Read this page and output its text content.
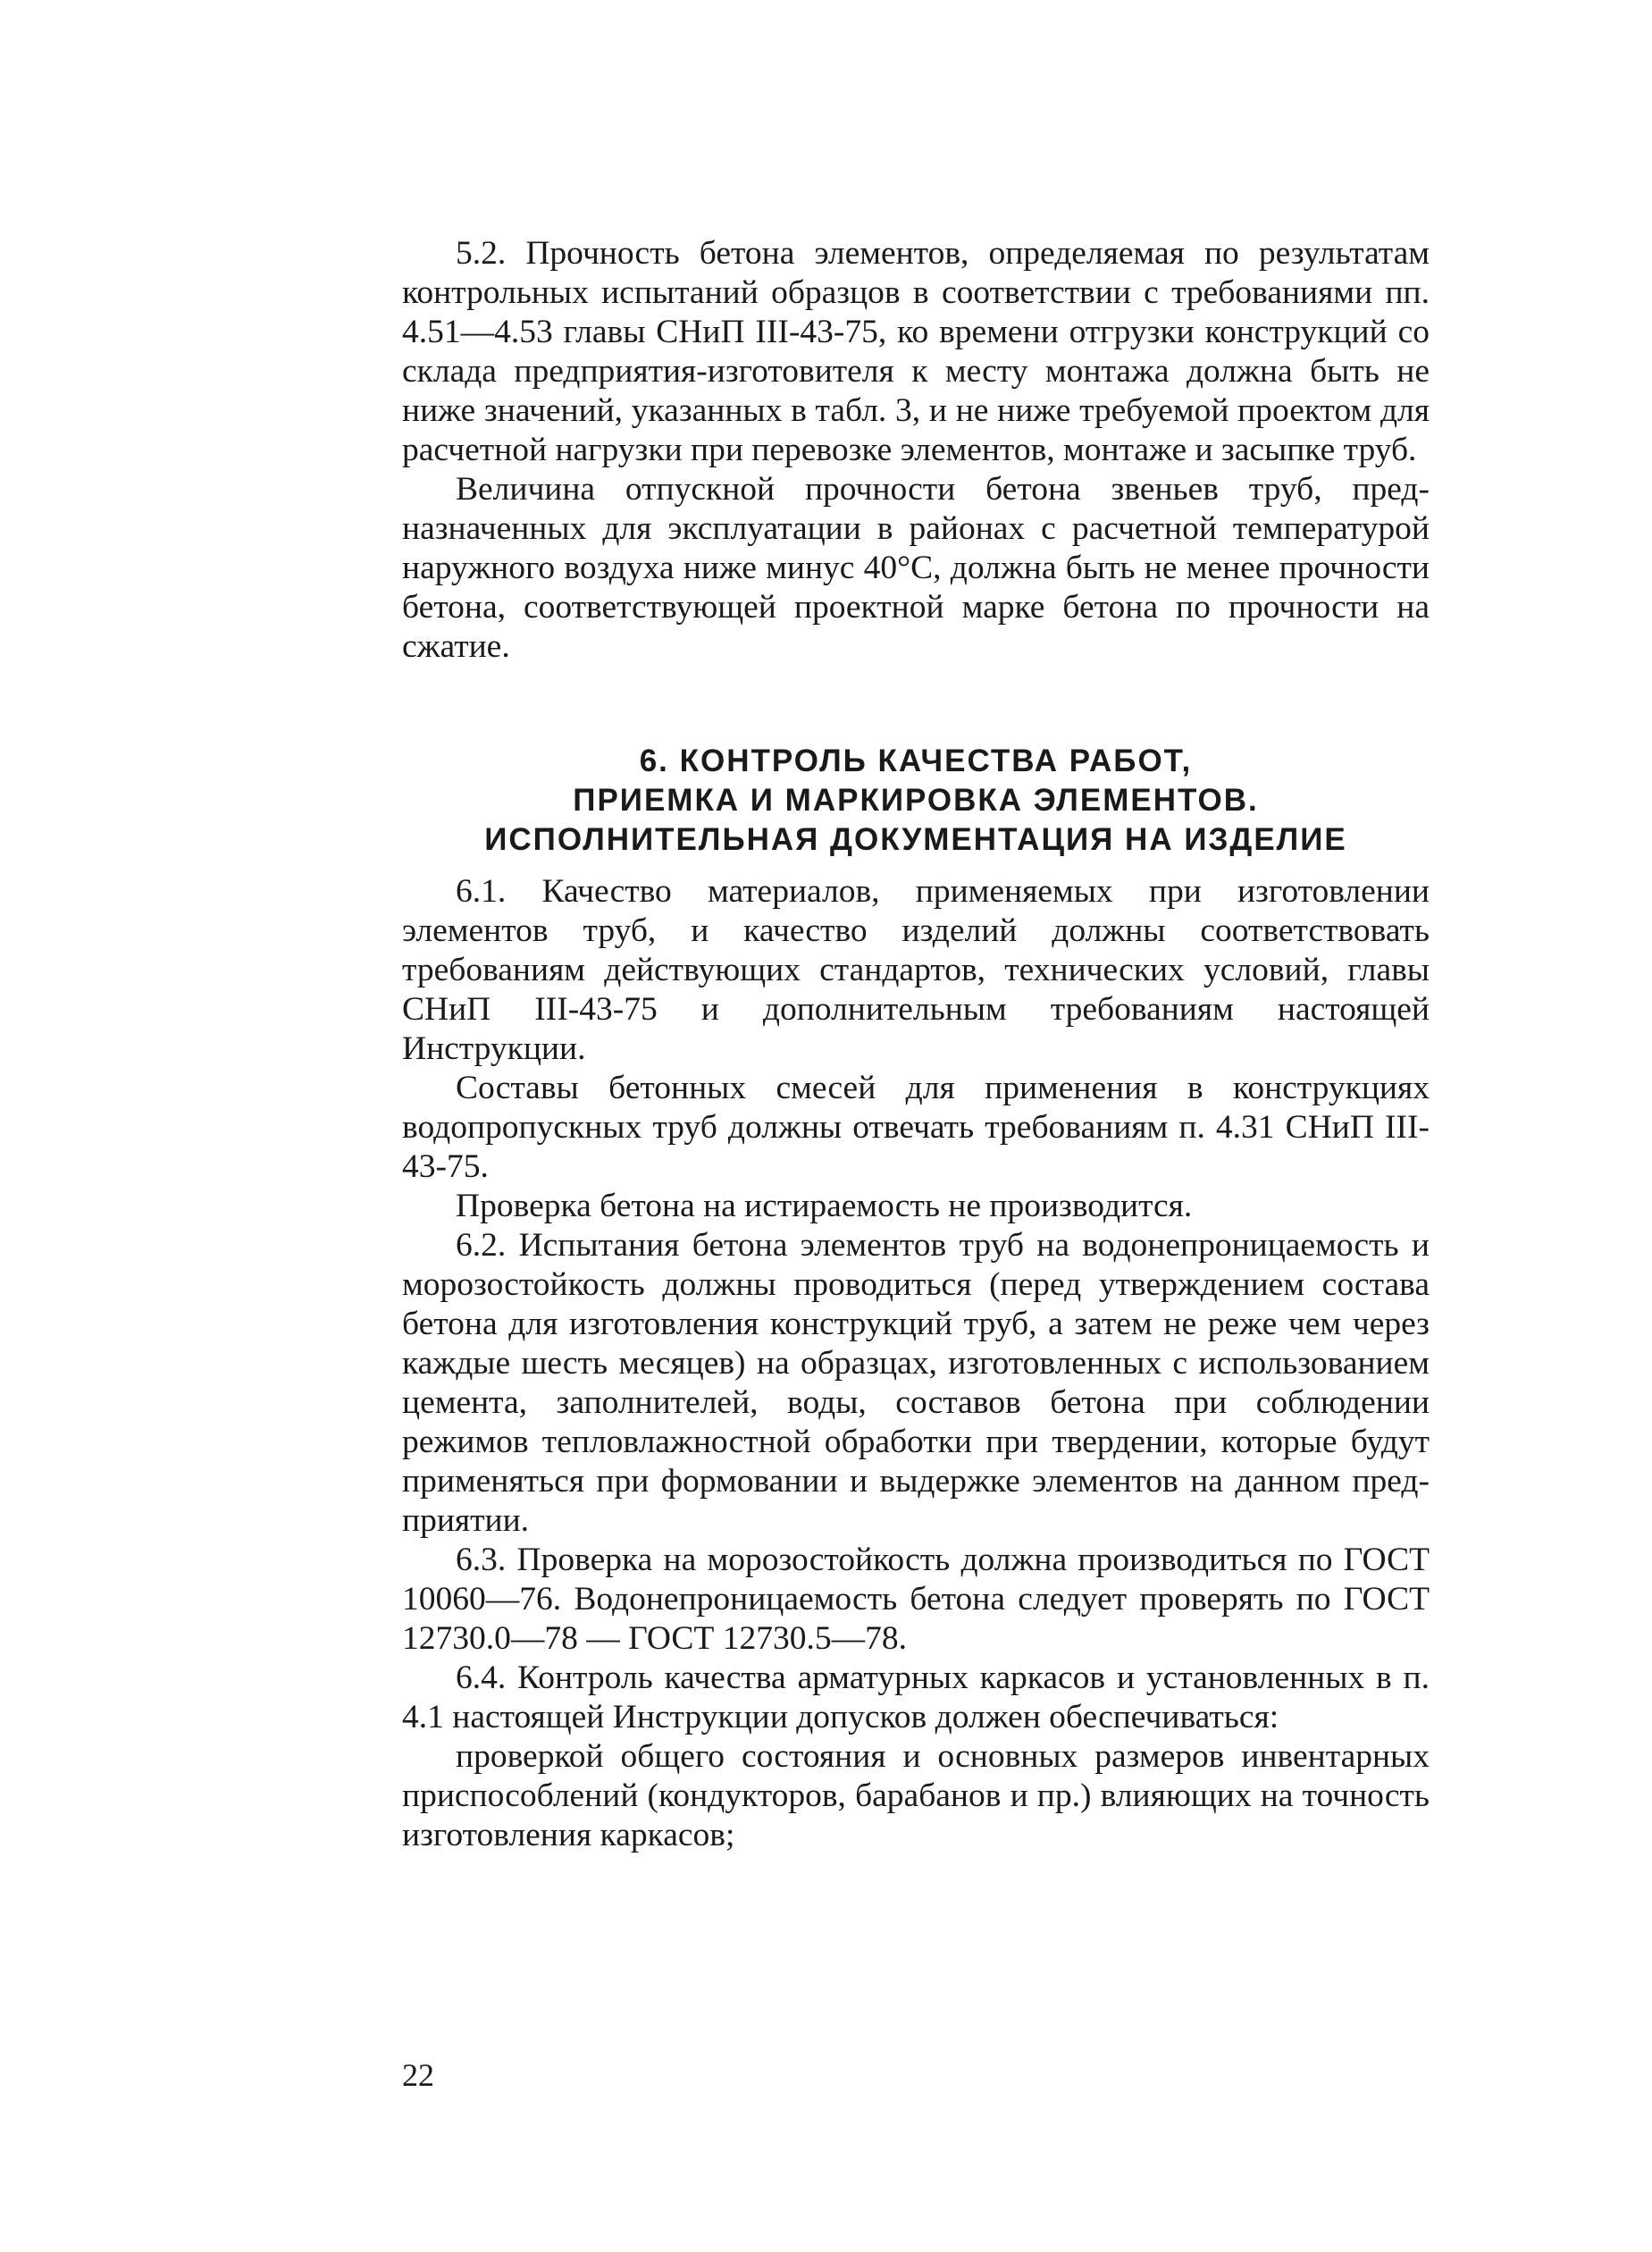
5.2. Прочность бетона элементов, определяемая по результатам контрольных испытаний образцов в соответствии с требованиями пп. 4.51—4.53 главы СНиП III-43-75, ко времени отгрузки конструкций со склада предприятия-изготовителя к месту монтажа должна быть не ниже значений, указанных в табл. 3, и не ниже требуемой проектом для расчетной нагрузки при перевозке элементов, монтаже и засыпке труб.

Величина отпускной прочности бетона звеньев труб, предназначенных для эксплуатации в районах с расчетной температурой наружного воздуха ниже минус 40°C, должна быть не менее прочности бетона, соответствующей проектной марке бетона по прочности на сжатие.

6. КОНТРОЛЬ КАЧЕСТВА РАБОТ,
ПРИЕМКА И МАРКИРОВКА ЭЛЕМЕНТОВ.
ИСПОЛНИТЕЛЬНАЯ ДОКУМЕНТАЦИЯ НА ИЗДЕЛИЕ

6.1. Качество материалов, применяемых при изготовлении элементов труб, и качество изделий должны соответствовать требованиям действующих стандартов, технических условий, главы СНиП III-43-75 и дополнительным требованиям настоящей Инструкции.

Составы бетонных смесей для применения в конструкциях водопропускных труб должны отвечать требованиям п. 4.31 СНиП III-43-75.

Проверка бетона на истираемость не производится.

6.2. Испытания бетона элементов труб на водонепроницаемость и морозостойкость должны проводиться (перед утверждением состава бетона для изготовления конструкций труб, а затем не реже чем через каждые шесть месяцев) на образцах, изготовленных с использованием цемента, заполнителей, воды, составов бетона при соблюдении режимов тепловлажностной обработки при твердении, которые будут применяться при формовании и выдержке элементов на данном предприятии.

6.3. Проверка на морозостойкость должна производиться по ГОСТ 10060—76. Водонепроницаемость бетона следует проверять по ГОСТ 12730.0—78 — ГОСТ 12730.5—78.

6.4. Контроль качества арматурных каркасов и установленных в п. 4.1 настоящей Инструкции допусков должен обеспечиваться:

проверкой общего состояния и основных размеров инвентарных приспособлений (кондукторов, барабанов и пр.) влияющих на точность изготовления каркасов;

22
